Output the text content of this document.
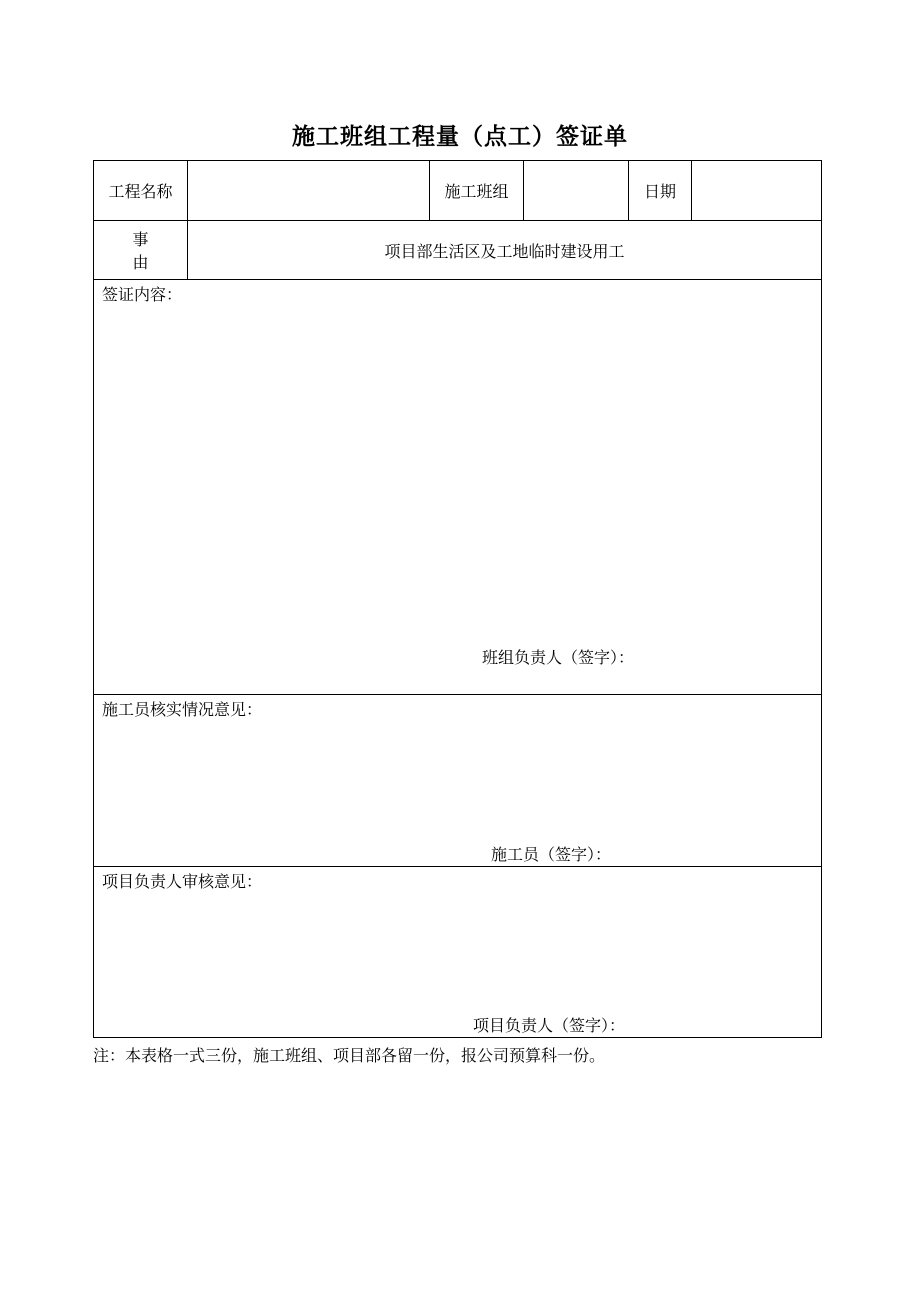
施工班组工程量（点工）签证单
工程名称		施工班组		日期	
事由	项目部生活区及工地临时建设用工				

签证内容：
班组负责人（签字）：					

施工员核实情况意见：
施工员（签字）：					

项目负责人审核意见：
项目负责人（签字）：					
注：本表格一式三份，施工班组、项目部各留一份，报公司预算科一份。
